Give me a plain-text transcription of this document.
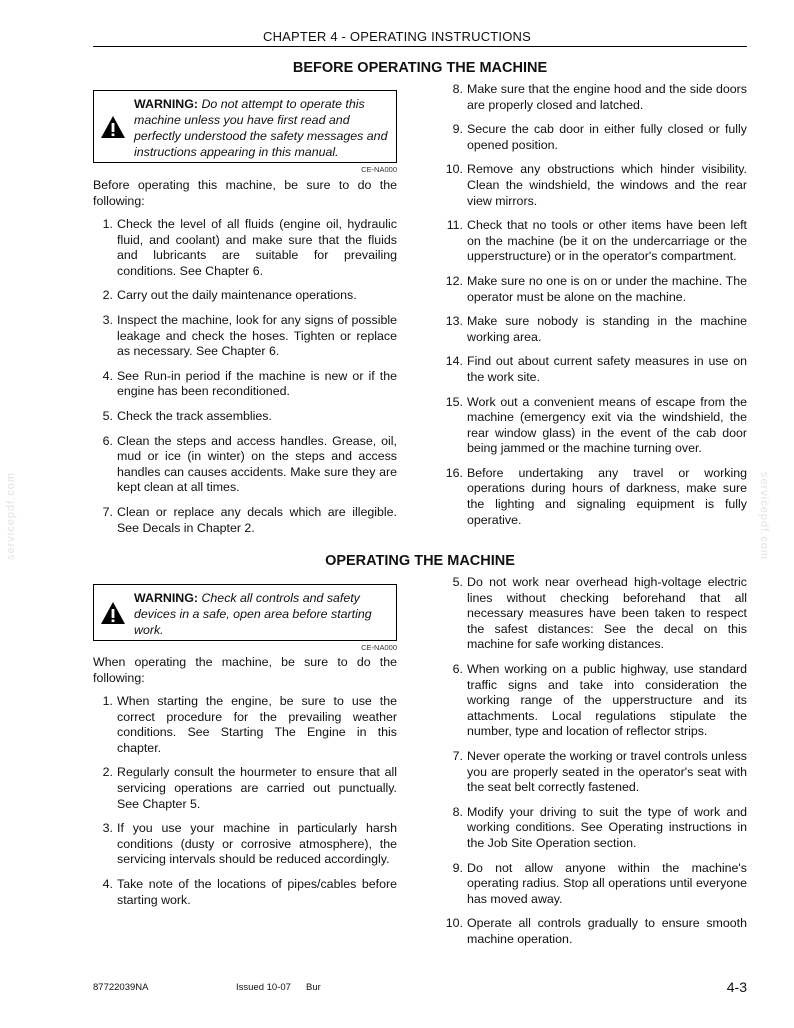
CHAPTER 4 - OPERATING INSTRUCTIONS
servicepdf.com	servicepdf.com
BEFORE OPERATING THE MACHINE
WARNING: Do not attempt to operate this machine unless you have first read and perfectly understood the safety messages and instructions appearing in this manual.
CE-NA000
Before operating this machine, be sure to do the following:
1. Check the level of all fluids (engine oil, hydraulic fluid, and coolant) and make sure that the fluids and lubricants are suitable for prevailing conditions. See Chapter 6.
2. Carry out the daily maintenance operations.
3. Inspect the machine, look for any signs of possible leakage and check the hoses. Tighten or replace as necessary. See Chapter 6.
4. See Run-in period if the machine is new or if the engine has been reconditioned.
5. Check the track assemblies.
6. Clean the steps and access handles. Grease, oil, mud or ice (in winter) on the steps and access handles can causes accidents. Make sure they are kept clean at all times.
7. Clean or replace any decals which are illegible. See Decals in Chapter 2.
8. Make sure that the engine hood and the side doors are properly closed and latched.
9. Secure the cab door in either fully closed or fully opened position.
10. Remove any obstructions which hinder visibility. Clean the windshield, the windows and the rear view mirrors.
11. Check that no tools or other items have been left on the machine (be it on the undercarriage or the upperstructure) or in the operator's compartment.
12. Make sure no one is on or under the machine. The operator must be alone on the machine.
13. Make sure nobody is standing in the machine working area.
14. Find out about current safety measures in use on the work site.
15. Work out a convenient means of escape from the machine (emergency exit via the windshield, the rear window glass) in the event of the cab door being jammed or the machine turning over.
16. Before undertaking any travel or working operations during hours of darkness, make sure the lighting and signaling equipment is fully operative.
OPERATING THE MACHINE
WARNING: Check all controls and safety devices in a safe, open area before starting work.
CE-NA000
When operating the machine, be sure to do the following:
1. When starting the engine, be sure to use the correct procedure for the prevailing weather conditions. See Starting The Engine in this chapter.
2. Regularly consult the hourmeter to ensure that all servicing operations are carried out punctually. See Chapter 5.
3. If you use your machine in particularly harsh conditions (dusty or corrosive atmosphere), the servicing intervals should be reduced accordingly.
4. Take note of the locations of pipes/cables before starting work.
5. Do not work near overhead high-voltage electric lines without checking beforehand that all necessary measures have been taken to respect the safest distances: See the decal on this machine for safe working distances.
6. When working on a public highway, use standard traffic signs and take into consideration the working range of the upperstructure and its attachments. Local regulations stipulate the number, type and location of reflector strips.
7. Never operate the working or travel controls unless you are properly seated in the operator's seat with the seat belt correctly fastened.
8. Modify your driving to suit the type of work and working conditions. See Operating instructions in the Job Site Operation section.
9. Do not allow anyone within the machine's operating radius. Stop all operations until everyone has moved away.
10. Operate all controls gradually to ensure smooth machine operation.
87722039NA	Issued 10-07 Bur	4-3
